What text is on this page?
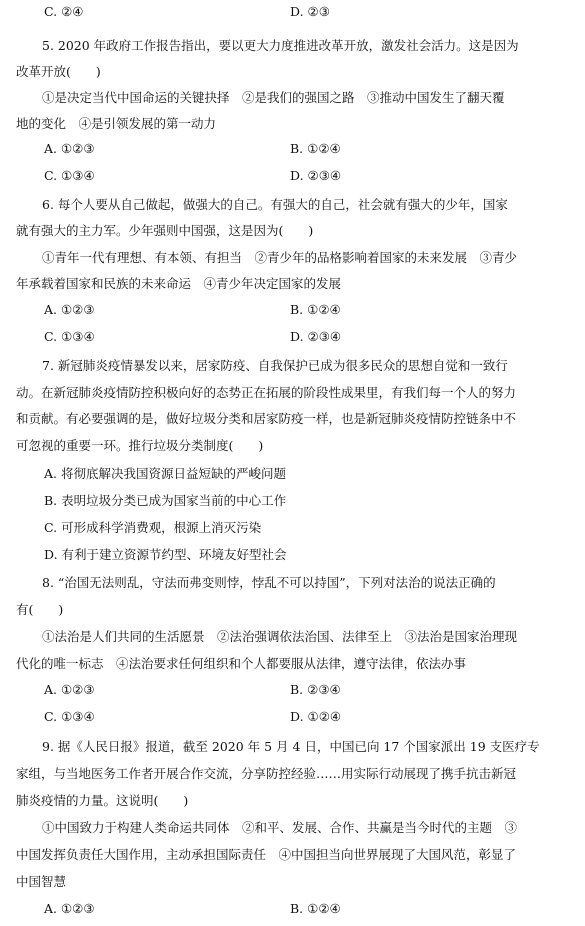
C. ②④	D. ②③
5. 2020 年政府工作报告指出，要以更大力度推进改革开放，激发社会活力。这是因为
改革开放(　　)
①是决定当代中国命运的关键抉择　②是我们的强国之路　③推动中国发生了翻天覆
地的变化　④是引领发展的第一动力
A. ①②③	B. ①②④
C. ①③④	D. ②③④
6. 每个人要从自己做起，做强大的自己。有强大的自己，社会就有强大的少年，国家
就有强大的主力军。少年强则中国强，这是因为(　　)
①青年一代有理想、有本领、有担当　②青少年的品格影响着国家的未来发展　③青少
年承载着国家和民族的未来命运　④青少年决定国家的发展
A. ①②③	B. ①②④
C. ①③④	D. ②③④
7. 新冠肺炎疫情暴发以来，居家防疫、自我保护已成为很多民众的思想自觉和一致行
动。在新冠肺炎疫情防控积极向好的态势正在拓展的阶段性成果里，有我们每一个人的努力
和贡献。有必要强调的是，做好垃圾分类和居家防疫一样，也是新冠肺炎疫情防控链条中不
可忽视的重要一环。推行垃圾分类制度(　　)
A. 将彻底解决我国资源日益短缺的严峻问题
B. 表明垃圾分类已成为国家当前的中心工作
C. 可形成科学消费观，根源上消灭污染
D. 有利于建立资源节约型、环境友好型社会
8. “治国无法则乱，守法而弗变则悖，悖乱不可以持国”，下列对法治的说法正确的
有(　　)
①法治是人们共同的生活愿景　②法治强调依法治国、法律至上　③法治是国家治理现
代化的唯一标志　④法治要求任何组织和个人都要服从法律，遵守法律，依法办事
A. ①②③	B. ②③④
C. ①③④	D. ①②④
9. 据《人民日报》报道，截至 2020 年 5 月 4 日，中国已向 17 个国家派出 19 支医疗专
家组，与当地医务工作者开展合作交流，分享防控经验……用实际行动展现了携手抗击新冠
肺炎疫情的力量。这说明(　　)
①中国致力于构建人类命运共同体　②和平、发展、合作、共赢是当今时代的主题　③
中国发挥负责任大国作用，主动承担国际责任　④中国担当向世界展现了大国风范，彰显了
中国智慧
A. ①②③	B. ①②④
